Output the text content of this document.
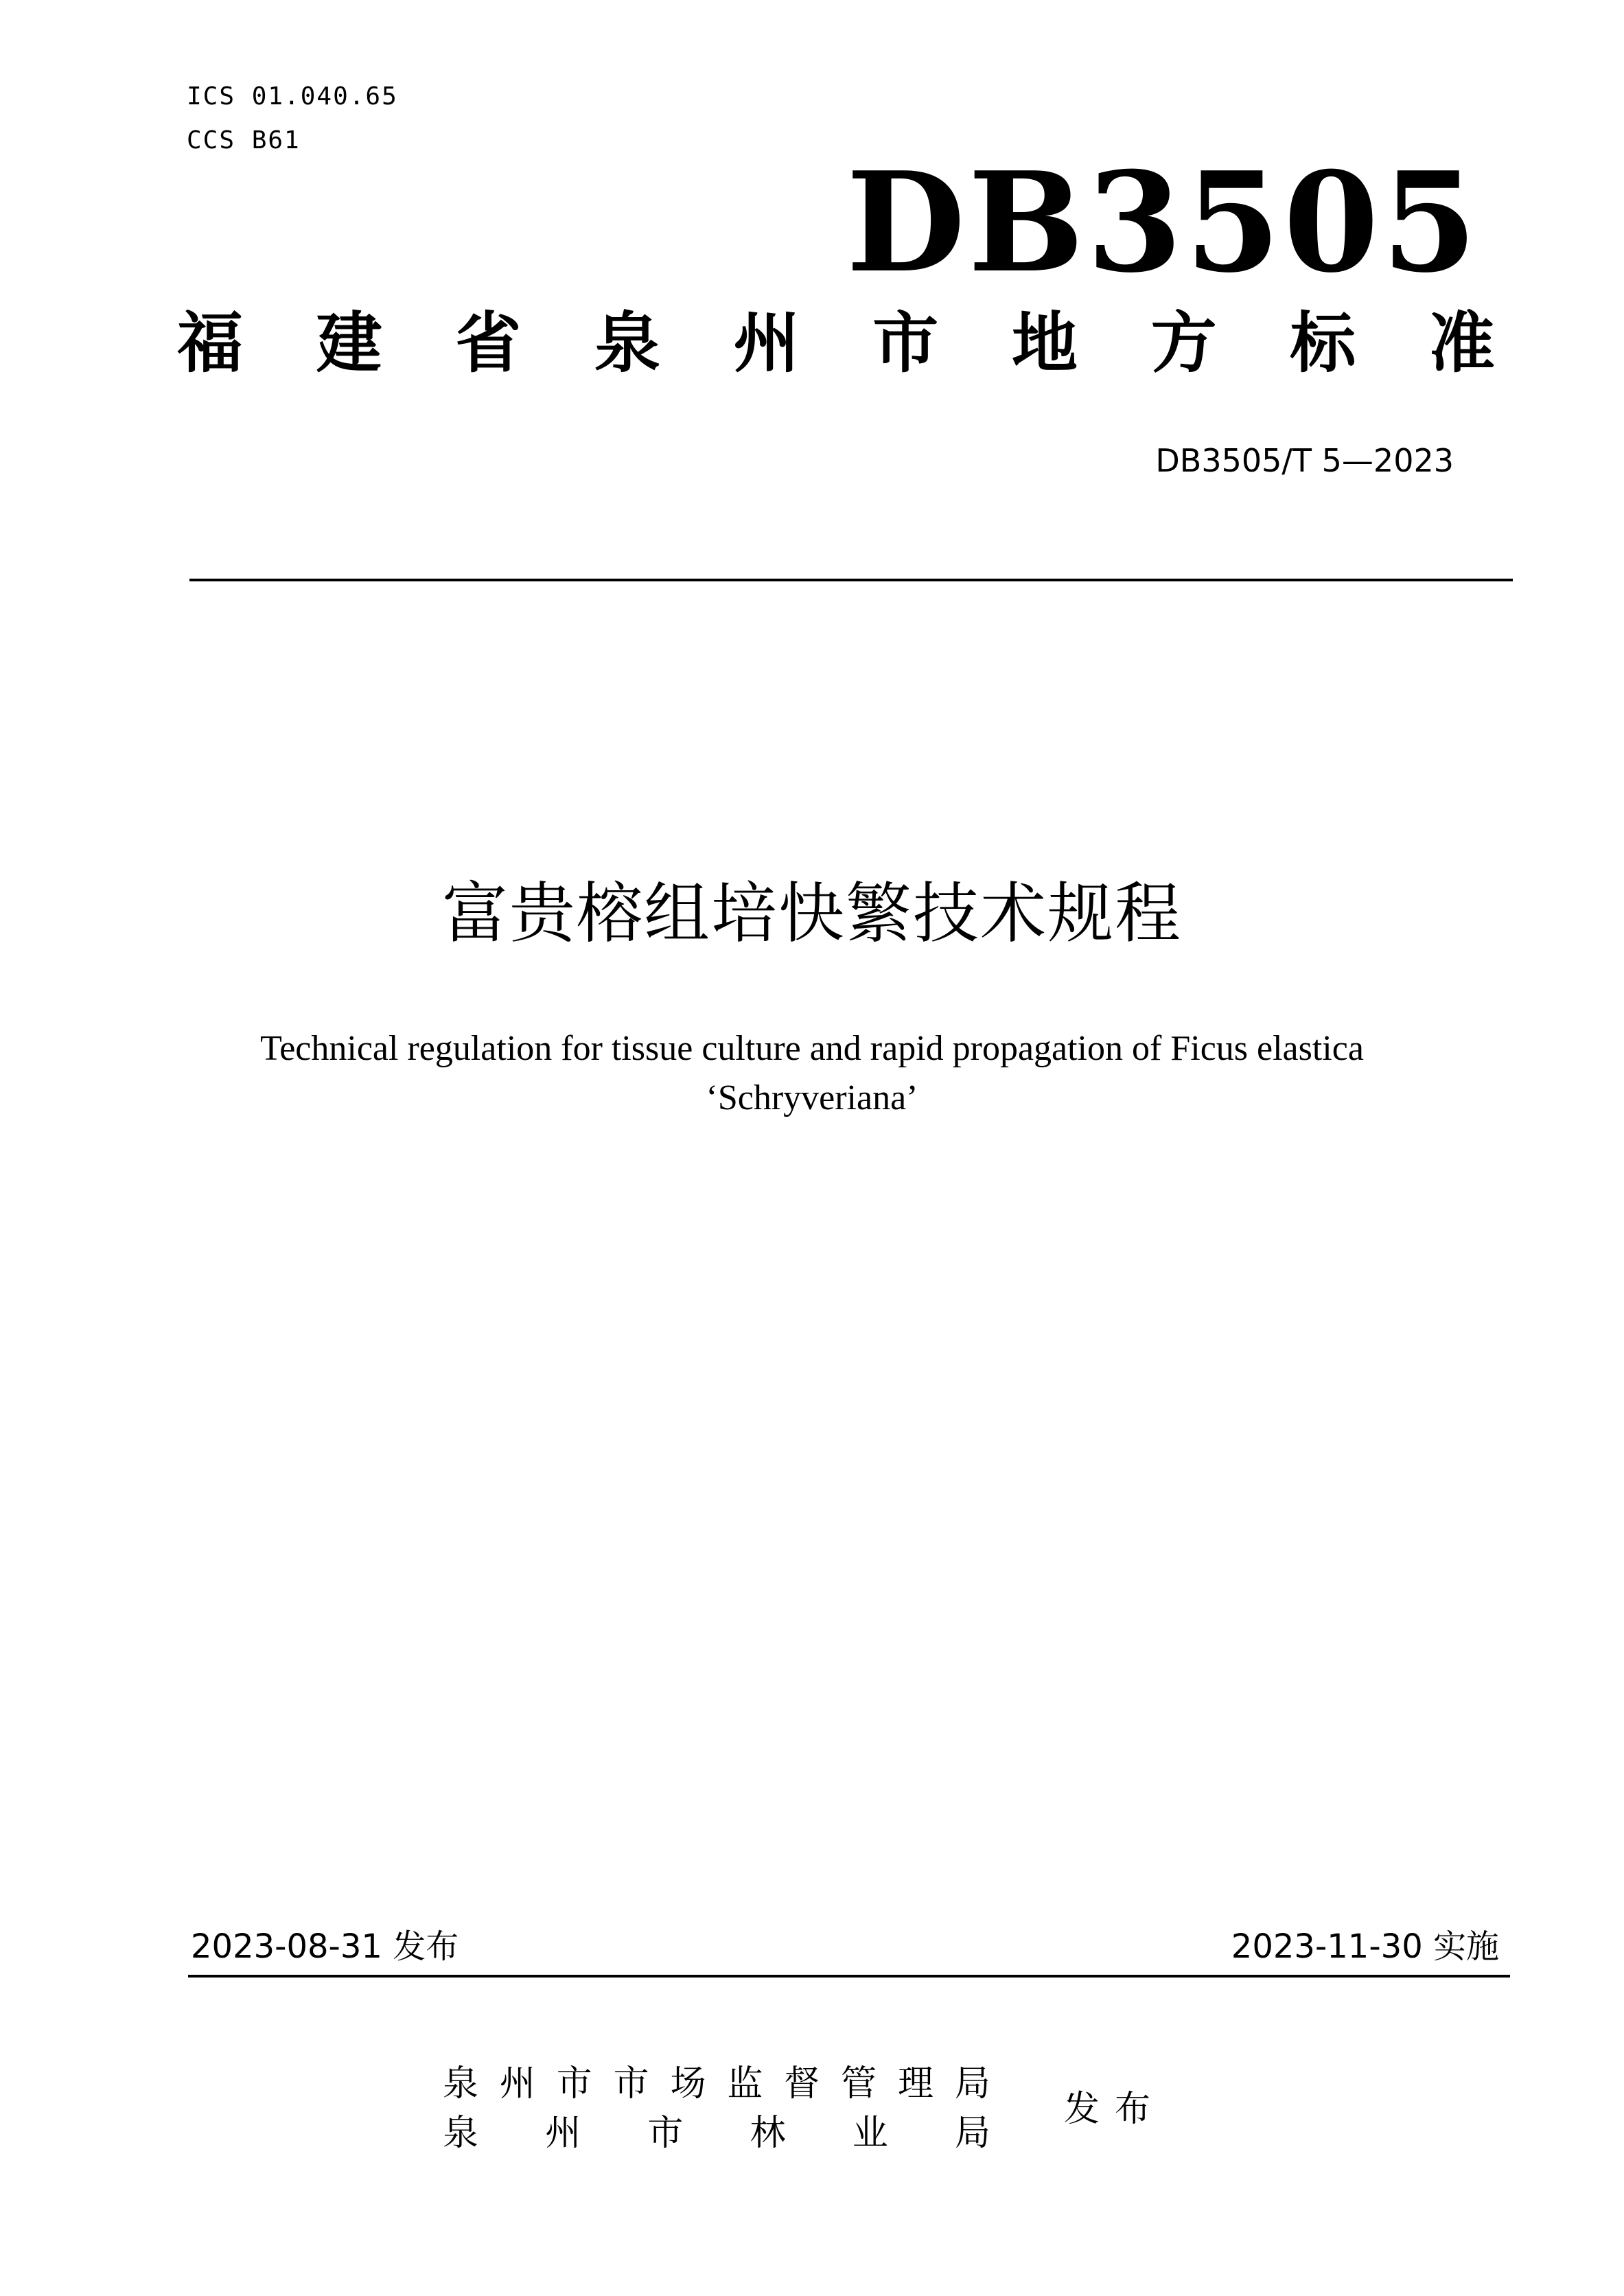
ICS 01.040.65
CCS B61
DB3505
福 建 省 泉 州 市 地 方 标 准
DB3505/T 5—2023
富贵榕组培快繁技术规程
Technical regulation for tissue culture and rapid propagation of Ficus elastica
‘Schryveriana’
2023-08-31 发布	2023-11-30 实施
泉 州 市 市 场 监 督 管 理 局
泉 州 市 林 业 局
发布
